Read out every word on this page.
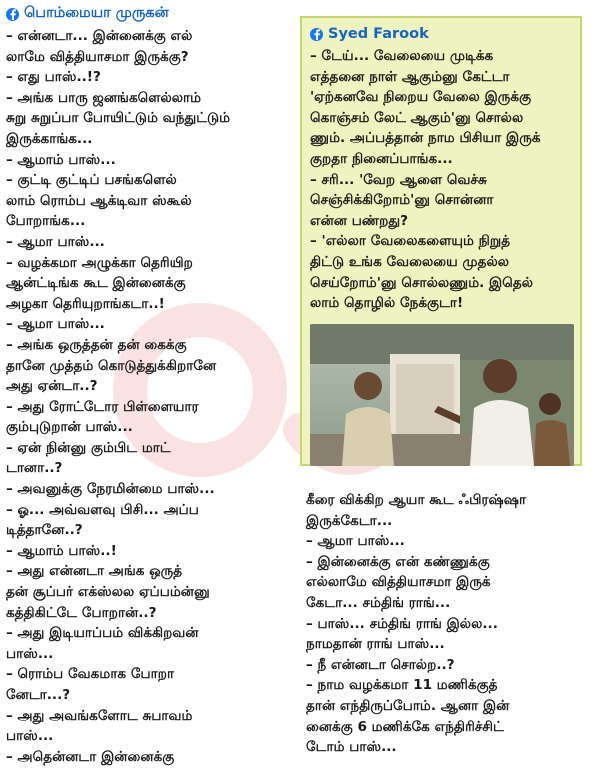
பொம்மையா முருகன்

– என்னடா... இன்னைக்கு எல்
லாமே வித்தியாசமா இருக்கு?

– எது பாஸ்..!?

– அங்க பாரு ஜனங்களெல்லாம்
சுறு சுறுப்பா போயிட்டும் வந்துட்டும்
இருக்காங்க...

– ஆமாம் பாஸ்...

– குட்டி குட்டிப் பசங்களெல்
லாம் ரொம்ப ஆக்டிவா ஸ்கூல்
போறாங்க...

– ஆமா பாஸ்...

– வழக்கமா அழுக்கா தெரியிற
ஆன்ட்டிங்க கூட இன்னைக்கு
அழகா தெரியுறாங்கடா..!

– ஆமா பாஸ்...

– அங்க ஒருத்தன் தன் கைக்கு
தானே முத்தம் கொடுத்துக்கிறானே
அது ஏன்டா..?

– அது ரோட்டோர பிள்ளையார
கும்புடுறான் பாஸ்...

– ஏன் நின்னு கும்பிட மாட்
டானா..?

– அவனுக்கு நேரமின்மை பாஸ்...

– ஓ... அவ்வளவு பிசி... அப்ப
டித்தானே..?

– ஆமாம் பாஸ்..!

– அது என்னடா அங்க ஒருத்
தன் சூப்பர் எக்ஸ்லல ஏப்பம்ன்னு
கத்திகிட்டே போறான்..?

– அது இடியாப்பம் விக்கிறவன்
பாஸ்...

– ரொம்ப வேகமாக போறா
னேடா...?

– அது அவங்களோட சுபாவம்
பாஸ்...

– அதென்னடா இன்னைக்கு

Syed Farook

– டேய்... வேலையை முடிக்க
எத்தனை நாள் ஆகும்னு கேட்டா
'ஏற்கனவே நிறைய வேலை இருக்கு
கொஞ்சம் லேட் ஆகும்'னு சொல்ல
ணும். அப்பத்தான் நாம பிசியா இருக்
குறதா நினைப்பாங்க...

– சரி... 'வேற ஆளை வெச்சு
செஞ்சிக்கிறோம்'னு சொன்னா
என்ன பண்றது?

– 'எல்லா வேலைகளையும் நிறுத்
திட்டு உங்க வேலையை முதல்ல
செய்றோம்'னு சொல்லணும். இதெல்
லாம் தொழில் நேக்குடா!

கீரை விக்கிற ஆயா கூட ஃபிரஷ்ஷா
இருக்கேடா...

– ஆமா பாஸ்...

– இன்னைக்கு என் கண்ணுக்கு
எல்லாமே வித்தியாசமா இருக்
கேடா... சம்திங் ராங்...

– பாஸ்... சம்திங் ராங் இல்ல...
நாமதான் ராங் பாஸ்...

– நீ என்னடா சொல்ற..?

– நாம வழக்கமா 11 மணிக்குத்
தான் எந்திருப்போம். ஆனா இன்
னைக்கு 6 மணிக்கே எந்திரிச்சிட்
டோம் பாஸ்...
